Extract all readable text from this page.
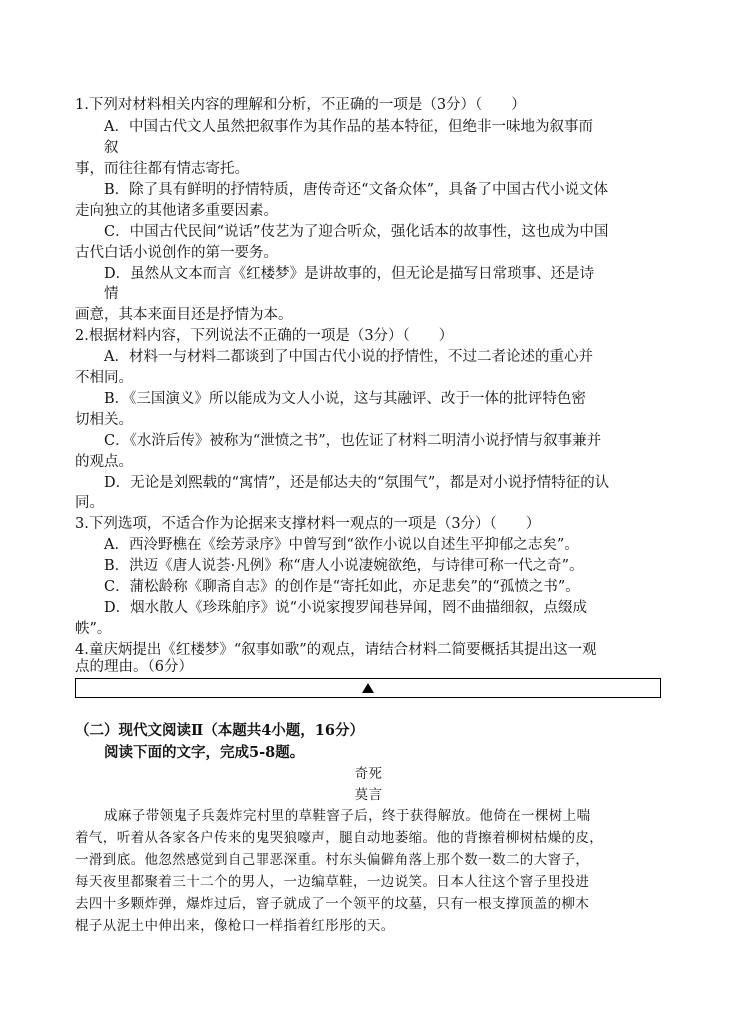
1.下列对材料相关内容的理解和分析，不正确的一项是（3分）（　　）
A．中国古代文人虽然把叙事作为其作品的基本特征，但绝非一味地为叙事而
叙
事，而往往都有情志寄托。
B．除了具有鲜明的抒情特质，唐传奇还“文备众体”，具备了中国古代小说文体
走向独立的其他诸多重要因素。
C．中国古代民间“说话”伎艺为了迎合听众，强化话本的故事性，这也成为中国
古代白话小说创作的第一要务。
D．虽然从文本而言《红楼梦》是讲故事的，但无论是描写日常琐事、还是诗
情
画意，其本来面目还是抒情为本。
2.根据材料内容，下列说法不正确的一项是（3分）（　　）
A．材料一与材料二都谈到了中国古代小说的抒情性，不过二者论述的重心并
不相同。
B．《三国演义》所以能成为文人小说，这与其融评、改于一体的批评特色密
切相关。
C．《水浒后传》被称为“泄愤之书”，也佐证了材料二明清小说抒情与叙事兼并
的观点。
D．无论是刘熙载的“寓情”，还是郁达夫的“氛围气”，都是对小说抒情特征的认
同。
3.下列选项，不适合作为论据来支撑材料一观点的一项是（3分）（　　）
A．西泠野樵在《绘芳录序》中曾写到“欲作小说以自述生平抑郁之志矣”。
B．洪迈《唐人说荟·凡例》称“唐人小说凄婉欲绝，与诗律可称一代之奇”。
C．蒲松龄称《聊斋自志》的创作是“寄托如此，亦足悲矣”的“孤愤之书”。
D．烟水散人《珍珠舶序》说“小说家搜罗闻巷异闻，罔不曲描细叙，点缀成
帙”。
4.童庆炳提出《红楼梦》“叙事如歌”的观点，请结合材料二简要概括其提出这一观
点的理由。（6分）
（二）现代文阅读Ⅱ（本题共4小题，16分）
阅读下面的文字，完成5-8题。
奇死
莫言
成麻子带领鬼子兵轰炸完村里的草鞋窨子后，终于获得解放。他倚在一棵树上喘
着气，听着从各家各户传来的鬼哭狼嚎声，腿自动地萎缩。他的背擦着柳树枯燥的皮，
一滑到底。他忽然感觉到自己罪恶深重。村东头偏僻角落上那个数一数二的大窨子，
每天夜里都聚着三十二个的男人，一边编草鞋，一边说笑。日本人往这个窨子里投进
去四十多颗炸弹，爆炸过后，窨子就成了一个领平的坟墓，只有一根支撑顶盖的柳木
棍子从泥土中伸出来，像枪口一样指着红彤彤的天。
